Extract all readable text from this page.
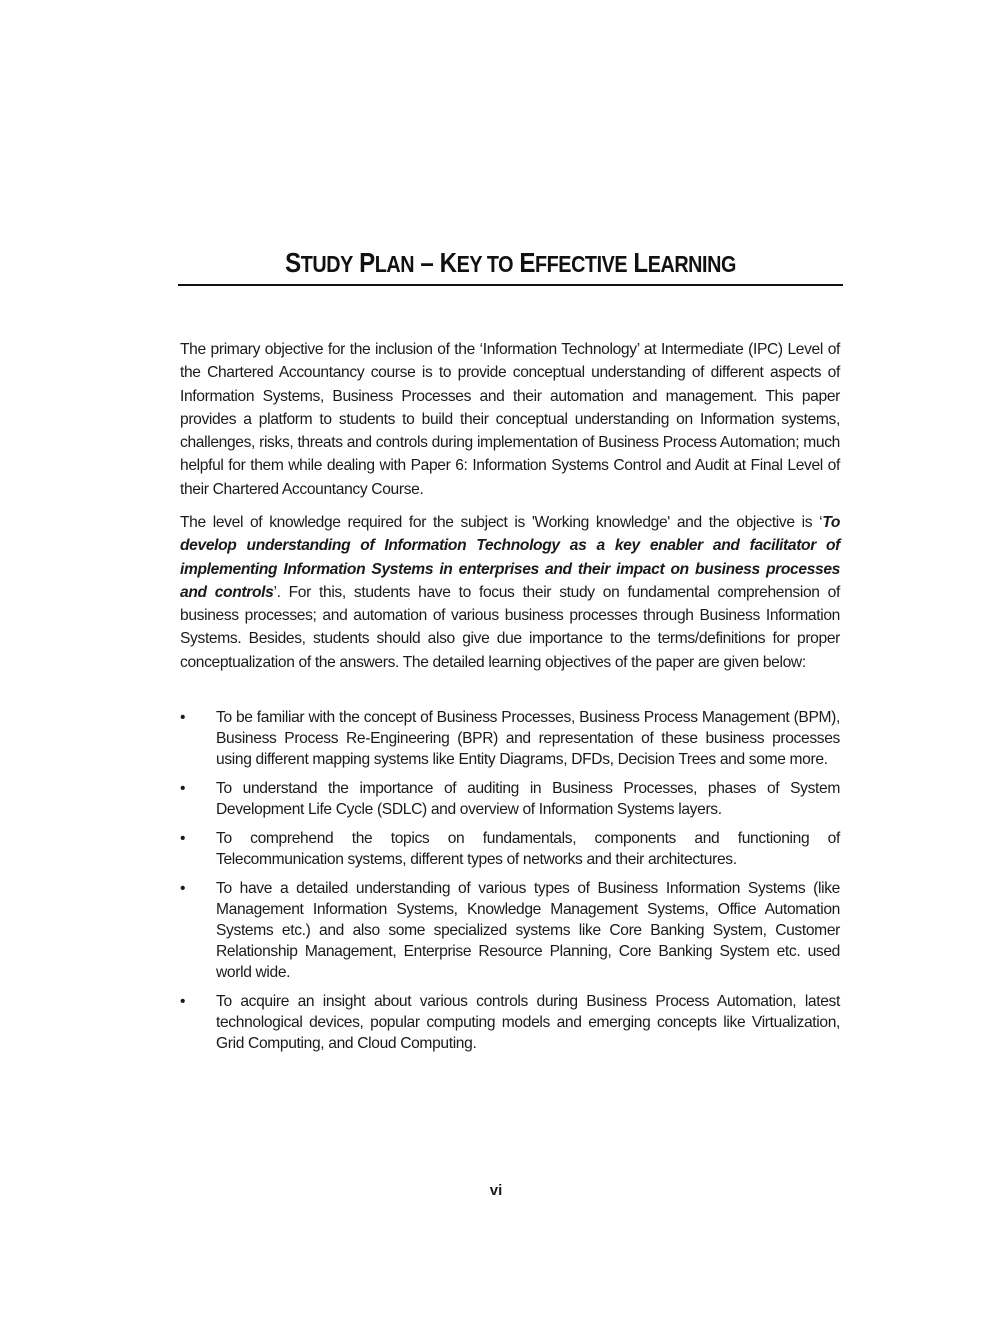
STUDY PLAN – KEY TO EFFECTIVE LEARNING

The primary objective for the inclusion of the ‘Information Technology’ at Intermediate (IPC) Level of the Chartered Accountancy course is to provide conceptual understanding of different aspects of Information Systems, Business Processes and their automation and management. This paper provides a platform to students to build their conceptual understanding on Information systems, challenges, risks, threats and controls during implementation of Business Process Automation; much helpful for them while dealing with Paper 6: Information Systems Control and Audit at Final Level of their Chartered Accountancy Course.

The level of knowledge required for the subject is 'Working knowledge' and the objective is ‘To develop understanding of Information Technology as a key enabler and facilitator of implementing Information Systems in enterprises and their impact on business processes and controls’. For this, students have to focus their study on fundamental comprehension of business processes; and automation of various business processes through Business Information Systems. Besides, students should also give due importance to the terms/definitions for proper conceptualization of the answers. The detailed learning objectives of the paper are given below:

•	To be familiar with the concept of Business Processes, Business Process Management (BPM), Business Process Re-Engineering (BPR) and representation of these business processes using different mapping systems like Entity Diagrams, DFDs, Decision Trees and some more.
•	To understand the importance of auditing in Business Processes, phases of System Development Life Cycle (SDLC) and overview of Information Systems layers.
•	To comprehend the topics on fundamentals, components and functioning of Telecommunication systems, different types of networks and their architectures.
•	To have a detailed understanding of various types of Business Information Systems (like Management Information Systems, Knowledge Management Systems, Office Automation Systems etc.) and also some specialized systems like Core Banking System, Customer Relationship Management, Enterprise Resource Planning, Core Banking System etc. used world wide.
•	To acquire an insight about various controls during Business Process Automation, latest technological devices, popular computing models and emerging concepts like Virtualization, Grid Computing, and Cloud Computing.
vi
